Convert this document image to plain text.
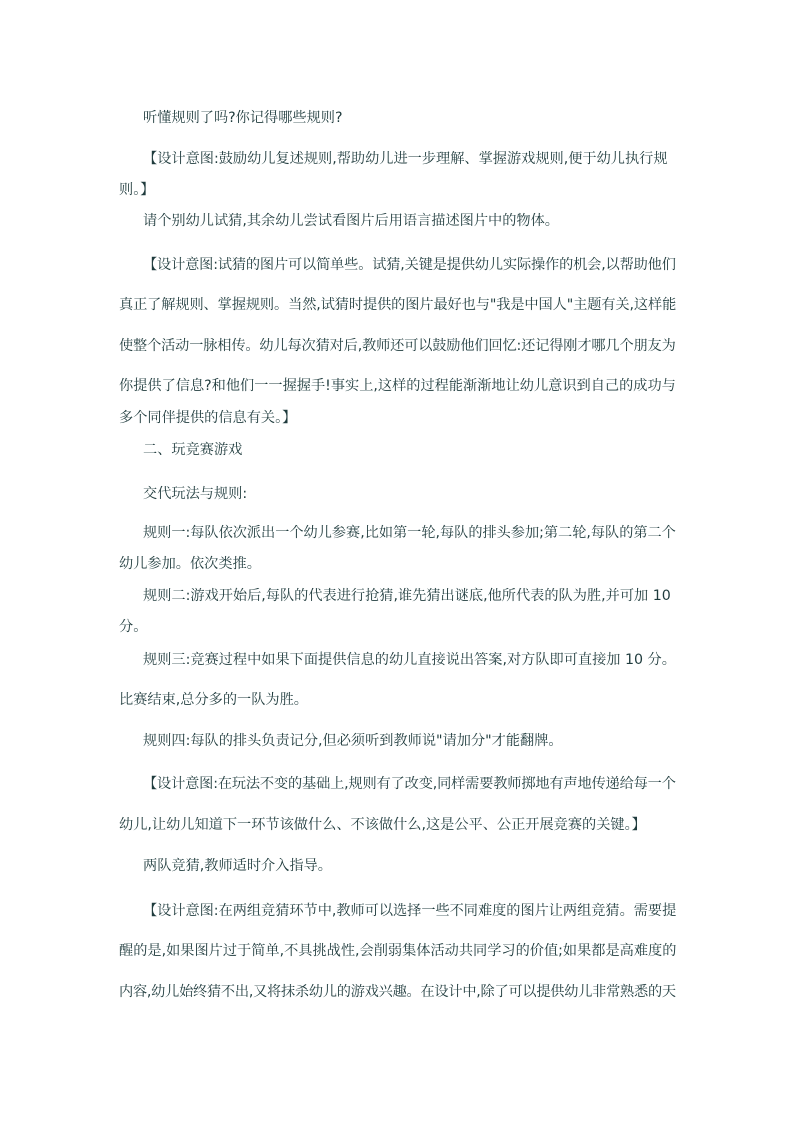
听懂规则了吗?你记得哪些规则?
【设计意图:鼓励幼儿复述规则,帮助幼儿进一步理解、掌握游戏规则,便于幼儿执行规
则。】
请个别幼儿试猜,其余幼儿尝试看图片后用语言描述图片中的物体。
【设计意图:试猜的图片可以简单些。试猜,关键是提供幼儿实际操作的机会,以帮助他们
真正了解规则、掌握规则。当然,试猜时提供的图片最好也与"我是中国人"主题有关,这样能
使整个活动一脉相传。幼儿每次猜对后,教师还可以鼓励他们回忆:还记得刚才哪几个朋友为
你提供了信息?和他们一一握握手!事实上,这样的过程能渐渐地让幼儿意识到自己的成功与
多个同伴提供的信息有关。】
二、玩竞赛游戏
交代玩法与规则:
规则一:每队依次派出一个幼儿参赛,比如第一轮,每队的排头参加;第二轮,每队的第二个
幼儿参加。依次类推。
规则二:游戏开始后,每队的代表进行抢猜,谁先猜出谜底,他所代表的队为胜,并可加 10
分。
规则三:竞赛过程中如果下面提供信息的幼儿直接说出答案,对方队即可直接加 10 分。
比赛结束,总分多的一队为胜。
规则四:每队的排头负责记分,但必须听到教师说"请加分"才能翻牌。
【设计意图:在玩法不变的基础上,规则有了改变,同样需要教师掷地有声地传递给每一个
幼儿,让幼儿知道下一环节该做什么、不该做什么,这是公平、公正开展竞赛的关键。】
两队竞猜,教师适时介入指导。
【设计意图:在两组竞猜环节中,教师可以选择一些不同难度的图片让两组竞猜。需要提
醒的是,如果图片过于简单,不具挑战性,会削弱集体活动共同学习的价值;如果都是高难度的
内容,幼儿始终猜不出,又将抹杀幼儿的游戏兴趣。在设计中,除了可以提供幼儿非常熟悉的天
